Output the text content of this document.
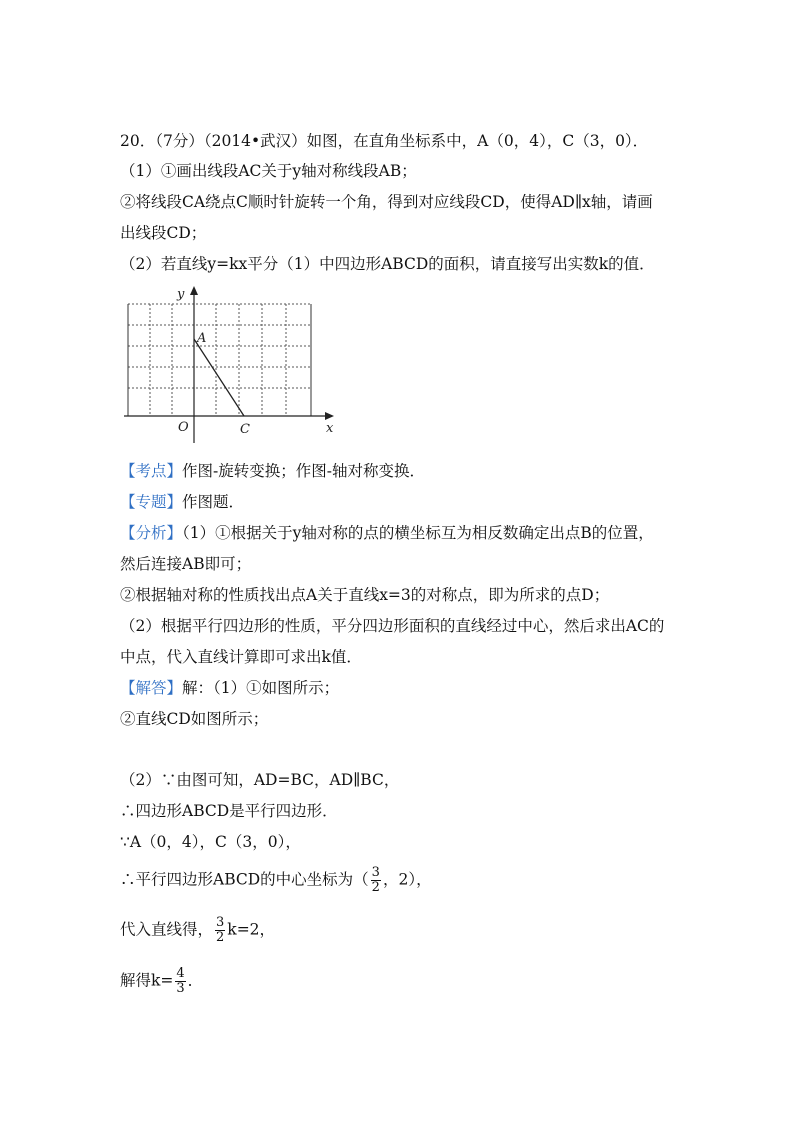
20．（7分）（2014•武汉）如图，在直角坐标系中，A（0，4），C（3，0）．
（1）①画出线段AC关于y轴对称线段AB；
②将线段CA绕点C顺时针旋转一个角，得到对应线段CD，使得AD∥x轴，请画
出线段CD；
（2）若直线y=kx平分（1）中四边形ABCD的面积，请直接写出实数k的值．
y
x
O
A
C
【考点】作图-旋转变换；作图-轴对称变换．
【专题】作图题．
【分析】（1）①根据关于y轴对称的点的横坐标互为相反数确定出点B的位置，
然后连接AB即可；
②根据轴对称的性质找出点A关于直线x=3的对称点，即为所求的点D；
（2）根据平行四边形的性质，平分四边形面积的直线经过中心，然后求出AC的
中点，代入直线计算即可求出k值．
【解答】解：（1）①如图所示；
②直线CD如图所示；
（2）∵由图可知，AD=BC，AD∥BC，
∴四边形ABCD是平行四边形．
∵A（0，4），C（3，0），
∴平行四边形ABCD的中心坐标为（ $\frac{3}{2}$ ，2），
代入直线得， $\frac{3}{2} k=2$，
解得$k= \frac{4}{3}$ ．
